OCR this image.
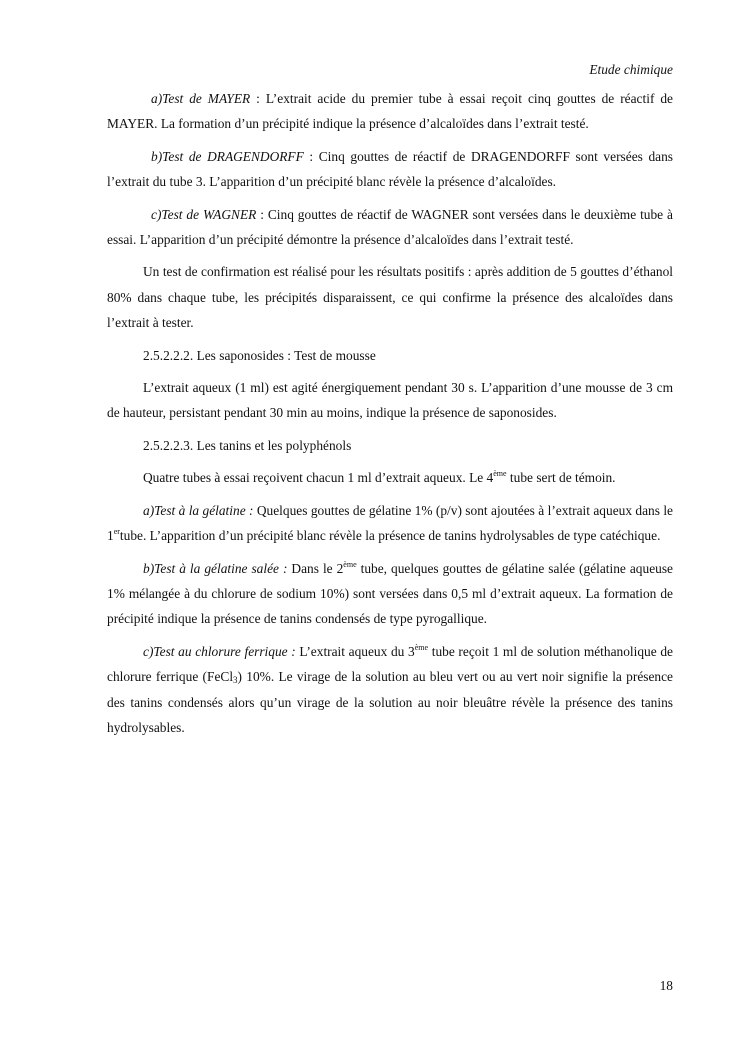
Etude chimique

a)Test de MAYER : L’extrait acide du premier tube à essai reçoit cinq gouttes de réactif de MAYER. La formation d’un précipité indique la présence d’alcaloïdes dans l’extrait testé.

b)Test de DRAGENDORFF : Cinq gouttes de réactif de DRAGENDORFF sont versées dans l’extrait du tube 3. L’apparition d’un précipité blanc révèle la présence d’alcaloïdes.

c)Test de WAGNER : Cinq gouttes de réactif de WAGNER sont versées dans le deuxième tube à essai. L’apparition d’un précipité démontre la présence d’alcaloïdes dans l’extrait testé.

Un test de confirmation est réalisé pour les résultats positifs : après addition de 5 gouttes d’éthanol 80% dans chaque tube, les précipités disparaissent, ce qui confirme la présence des alcaloïdes dans l’extrait à tester.

2.5.2.2.2. Les saponosides : Test de mousse

L’extrait aqueux (1 ml) est agité énergiquement pendant 30 s. L’apparition d’une mousse de 3 cm de hauteur, persistant pendant 30 min au moins, indique la présence de saponosides.

2.5.2.2.3. Les tanins et les polyphénols

Quatre tubes à essai reçoivent chacun 1 ml d’extrait aqueux. Le 4ème tube sert de témoin.

a)Test à la gélatine : Quelques gouttes de gélatine 1% (p/v) sont ajoutées à l’extrait aqueux dans le 1ertube. L’apparition d’un précipité blanc révèle la présence de tanins hydrolysables de type catéchique.

b)Test à la gélatine salée : Dans le 2ème tube, quelques gouttes de gélatine salée (gélatine aqueuse 1% mélangée à du chlorure de sodium 10%) sont versées dans 0,5 ml d’extrait aqueux. La formation de précipité indique la présence de tanins condensés de type pyrogallique.

c)Test au chlorure ferrique : L’extrait aqueux du 3ème tube reçoit 1 ml de solution méthanolique de chlorure ferrique (FeCl$_3$) 10%. Le virage de la solution au bleu vert ou au vert noir signifie la présence des tanins condensés alors qu’un virage de la solution au noir bleuâtre révèle la présence des tanins hydrolysables.

18
